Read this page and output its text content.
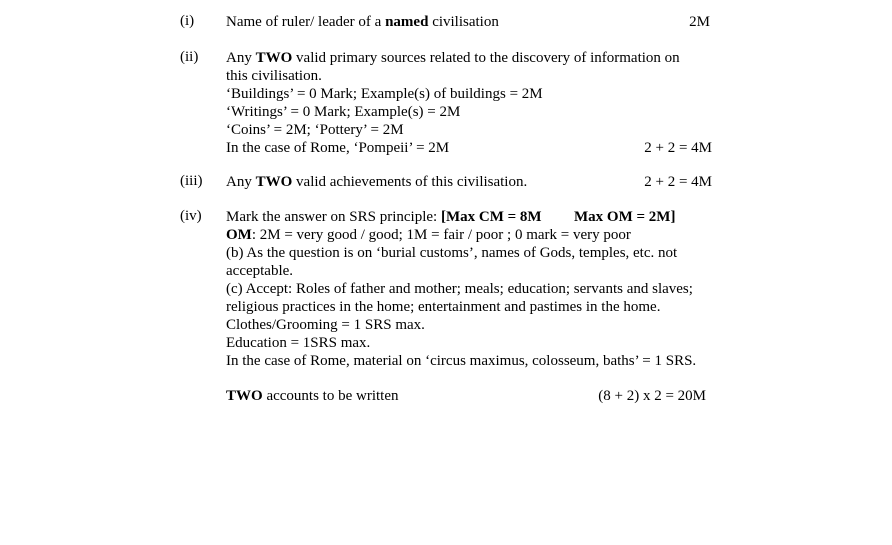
(i) Name of ruler/ leader of a named civilisation	2M
(ii) Any TWO valid primary sources related to the discovery of information on
this civilisation.
‘Buildings’ = 0 Mark; Example(s) of buildings = 2M
‘Writings’ = 0 Mark; Example(s) = 2M
‘Coins’ = 2M; ‘Pottery’ = 2M
In the case of Rome, ‘Pompeii’ = 2M	2 + 2 = 4M
(iii) Any TWO valid achievements of this civilisation.	2 + 2 = 4M
(iv) Mark the answer on SRS principle: [Max CM = 8M Max OM = 2M]
OM: 2M = very good / good; 1M = fair / poor ; 0 mark = very poor
(b) As the question is on ‘burial customs’, names of Gods, temples, etc. not
acceptable.
(c) Accept: Roles of father and mother; meals; education; servants and slaves;
religious practices in the home; entertainment and pastimes in the home.
Clothes/Grooming = 1 SRS max.
Education = 1SRS max.
In the case of Rome, material on ‘circus maximus, colosseum, baths’ = 1 SRS.
TWO accounts to be written	(8 + 2) x 2 = 20M
